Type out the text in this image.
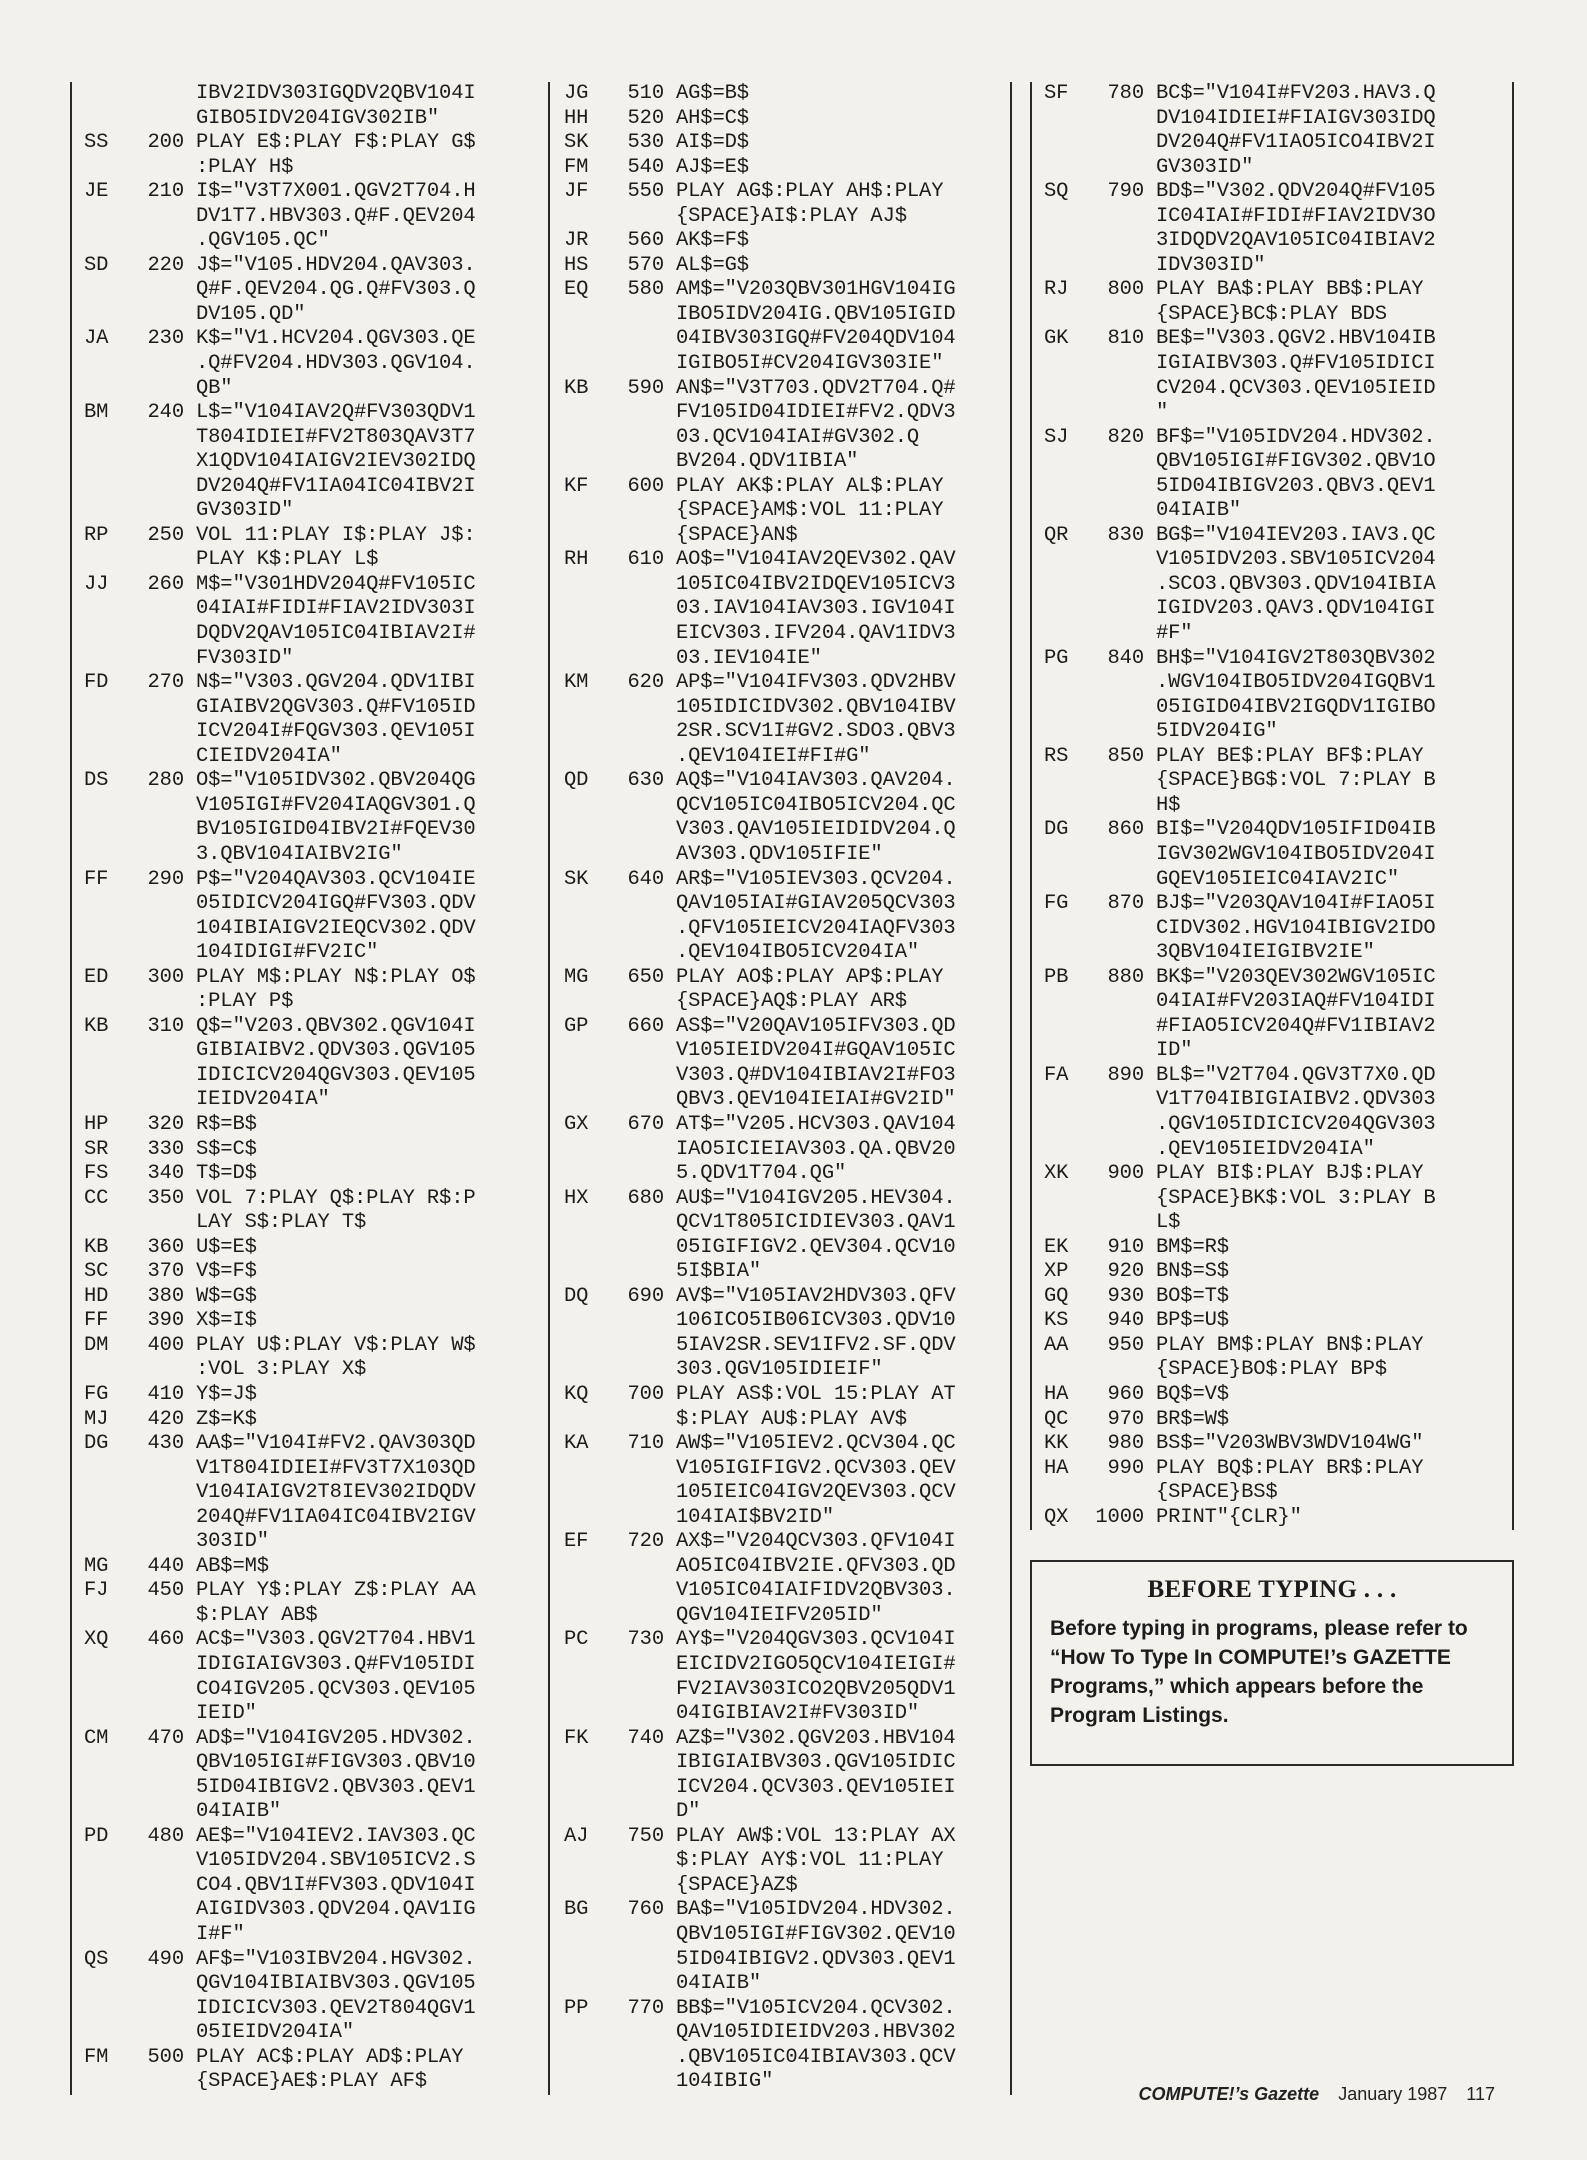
IBV2IDV303IGQDV2QBV104I
GIBO5IDV204IGV302IB"
SS	200 PLAY E$:PLAY F$:PLAY G$
:PLAY H$
JE	210 I$="V3T7X001.QGV2T704.H
DV1T7.HBV303.Q#F.QEV204
.QGV105.QC"
SD	220 J$="V105.HDV204.QAV303.
Q#F.QEV204.QG.Q#FV303.Q
DV105.QD"
JA	230 K$="V1.HCV204.QGV303.QE
.Q#FV204.HDV303.QGV104.
QB"
BM	240 L$="V104IAV2Q#FV303QDV1
T804IDIEI#FV2T803QAV3T7
X1QDV104IAIGV2IEV302IDQ
DV204Q#FV1IA04IC04IBV2I
GV303ID"
RP	250 VOL 11:PLAY I$:PLAY J$:
PLAY K$:PLAY L$
JJ	260 M$="V301HDV204Q#FV105IC
04IAI#FIDI#FIAV2IDV303I
DQDV2QAV105IC04IBIAV2I#
FV303ID"
FD	270 N$="V303.QGV204.QDV1IBI
GIAIBV2QGV303.Q#FV105ID
ICV204I#FQGV303.QEV105I
CIEIDV204IA"
DS	280 O$="V105IDV302.QBV204QG
V105IGI#FV204IAQGV301.Q
BV105IGID04IBV2I#FQEV30
3.QBV104IAIBV2IG"
FF	290 P$="V204QAV303.QCV104IE
05IDICV204IGQ#FV303.QDV
104IBIAIGV2IEQCV302.QDV
104IDIGI#FV2IC"
ED	300 PLAY M$:PLAY N$:PLAY O$
:PLAY P$
KB	310 Q$="V203.QBV302.QGV104I
GIBIAIBV2.QDV303.QGV105
IDICICV204QGV303.QEV105
IEIDV204IA"
HP	320 R$=B$
SR	330 S$=C$
FS	340 T$=D$
CC	350 VOL 7:PLAY Q$:PLAY R$:P
LAY S$:PLAY T$
KB	360 U$=E$
SC	370 V$=F$
HD	380 W$=G$
FF	390 X$=I$
DM	400 PLAY U$:PLAY V$:PLAY W$
:VOL 3:PLAY X$
FG	410 Y$=J$
MJ	420 Z$=K$
DG	430 AA$="V104I#FV2.QAV303QD
V1T804IDIEI#FV3T7X103QD
V104IAIGV2T8IEV302IDQDV
204Q#FV1IA04IC04IBV2IGV
303ID"
MG	440 AB$=M$
FJ	450 PLAY Y$:PLAY Z$:PLAY AA
$:PLAY AB$
XQ	460 AC$="V303.QGV2T704.HBV1
IDIGIAIGV303.Q#FV105IDI
CO4IGV205.QCV303.QEV105
IEID"
CM	470 AD$="V104IGV205.HDV302.
QBV105IGI#FIGV303.QBV10
5ID04IBIGV2.QBV303.QEV1
04IAIB"
PD	480 AE$="V104IEV2.IAV303.QC
V105IDV204.SBV105ICV2.S
CO4.QBV1I#FV303.QDV104I
AIGIDV303.QDV204.QAV1IG
I#F"
QS	490 AF$="V103IBV204.HGV302.
QGV104IBIAIBV303.QGV105
IDICICV303.QEV2T804QGV1
05IEIDV204IA"
FM	500 PLAY AC$:PLAY AD$:PLAY
{SPACE}AE$:PLAY AF$
JG	510 AG$=B$
HH	520 AH$=C$
SK	530 AI$=D$
FM	540 AJ$=E$
JF	550 PLAY AG$:PLAY AH$:PLAY
{SPACE}AI$:PLAY AJ$
JR	560 AK$=F$
HS	570 AL$=G$
EQ	580 AM$="V203QBV301HGV104IG
IBO5IDV204IG.QBV105IGID
04IBV303IGQ#FV204QDV104
IGIBO5I#CV204IGV303IE"
KB	590 AN$="V3T703.QDV2T704.Q#
FV105ID04IDIEI#FV2.QDV3
03.QCV104IAI#GV302.Q
BV204.QDV1IBIA"
KF	600 PLAY AK$:PLAY AL$:PLAY
{SPACE}AM$:VOL 11:PLAY
{SPACE}AN$
RH	610 AO$="V104IAV2QEV302.QAV
105IC04IBV2IDQEV105ICV3
03.IAV104IAV303.IGV104I
EICV303.IFV204.QAV1IDV3
03.IEV104IE"
KM	620 AP$="V104IFV303.QDV2HBV
105IDICIDV302.QBV104IBV
2SR.SCV1I#GV2.SDO3.QBV3
.QEV104IEI#FI#G"
QD	630 AQ$="V104IAV303.QAV204.
QCV105IC04IBO5ICV204.QC
V303.QAV105IEIDIDV204.Q
AV303.QDV105IFIE"
SK	640 AR$="V105IEV303.QCV204.
QAV105IAI#GIAV205QCV303
.QFV105IEICV204IAQFV303
.QEV104IBO5ICV204IA"
MG	650 PLAY AO$:PLAY AP$:PLAY
{SPACE}AQ$:PLAY AR$
GP	660 AS$="V20QAV105IFV303.QD
V105IEIDV204I#GQAV105IC
V303.Q#DV104IBIAV2I#FO3
QBV3.QEV104IEIAI#GV2ID"
GX	670 AT$="V205.HCV303.QAV104
IAO5ICIEIAV303.QA.QBV20
5.QDV1T704.QG"
HX	680 AU$="V104IGV205.HEV304.
QCV1T805ICIDIEV303.QAV1
05IGIFIGV2.QEV304.QCV10
5I$BIA"
DQ	690 AV$="V105IAV2HDV303.QFV
106ICO5IB06ICV303.QDV10
5IAV2SR.SEV1IFV2.SF.QDV
303.QGV105IDIEIF"
KQ	700 PLAY AS$:VOL 15:PLAY AT
$:PLAY AU$:PLAY AV$
KA	710 AW$="V105IEV2.QCV304.QC
V105IGIFIGV2.QCV303.QEV
105IEIC04IGV2QEV303.QCV
104IAI$BV2ID"
EF	720 AX$="V204QCV303.QFV104I
AO5IC04IBV2IE.QFV303.QD
V105IC04IAIFIDV2QBV303.
QGV104IEIFV205ID"
PC	730 AY$="V204QGV303.QCV104I
EICIDV2IGO5QCV104IEIGI#
FV2IAV303ICO2QBV205QDV1
04IGIBIAV2I#FV303ID"
FK	740 AZ$="V302.QGV203.HBV104
IBIGIAIBV303.QGV105IDIC
ICV204.QCV303.QEV105IEI
D"
AJ	750 PLAY AW$:VOL 13:PLAY AX
$:PLAY AY$:VOL 11:PLAY
{SPACE}AZ$
BG	760 BA$="V105IDV204.HDV302.
QBV105IGI#FIGV302.QEV10
5ID04IBIGV2.QDV303.QEV1
04IAIB"
PP	770 BB$="V105ICV204.QCV302.
QAV105IDIEIDV203.HBV302
.QBV105IC04IBIAV303.QCV
104IBIG"
SF	780 BC$="V104I#FV203.HAV3.Q
DV104IDIEI#FIAIGV303IDQ
DV204Q#FV1IAO5ICO4IBV2I
GV303ID"
SQ	790 BD$="V302.QDV204Q#FV105
IC04IAI#FIDI#FIAV2IDV3O
3IDQDV2QAV105IC04IBIAV2
IDV303ID"
RJ	800 PLAY BA$:PLAY BB$:PLAY
{SPACE}BC$:PLAY BDS
GK	810 BE$="V303.QGV2.HBV104IB
IGIAIBV303.Q#FV105IDICI
CV204.QCV303.QEV105IEID
"
SJ	820 BF$="V105IDV204.HDV302.
QBV105IGI#FIGV302.QBV1O
5ID04IBIGV203.QBV3.QEV1
04IAIB"
QR	830 BG$="V104IEV203.IAV3.QC
V105IDV203.SBV105ICV204
.SCO3.QBV303.QDV104IBIA
IGIDV203.QAV3.QDV104IGI
#F"
PG	840 BH$="V104IGV2T803QBV302
.WGV104IBO5IDV204IGQBV1
05IGID04IBV2IGQDV1IGIBO
5IDV204IG"
RS	850 PLAY BE$:PLAY BF$:PLAY
{SPACE}BG$:VOL 7:PLAY B
H$
DG	860 BI$="V204QDV105IFID04IB
IGV302WGV104IBO5IDV204I
GQEV105IEIC04IAV2IC"
FG	870 BJ$="V203QAV104I#FIAO5I
CIDV302.HGV104IBIGV2IDO
3QBV104IEIGIBV2IE"
PB	880 BK$="V203QEV302WGV105IC
04IAI#FV203IAQ#FV104IDI
#FIAO5ICV204Q#FV1IBIAV2
ID"
FA	890 BL$="V2T704.QGV3T7X0.QD
V1T704IBIGIAIBV2.QDV303
.QGV105IDICICV204QGV303
.QEV105IEIDV204IA"
XK	900 PLAY BI$:PLAY BJ$:PLAY
{SPACE}BK$:VOL 3:PLAY B
L$
EK	910 BM$=R$
XP	920 BN$=S$
GQ	930 BO$=T$
KS	940 BP$=U$
AA	950 PLAY BM$:PLAY BN$:PLAY
{SPACE}BO$:PLAY BP$
HA	960 BQ$=V$
QC	970 BR$=W$
KK	980 BS$="V203WBV3WDV104WG"
HA	990 PLAY BQ$:PLAY BR$:PLAY
{SPACE}BS$
QX	1000 PRINT"{CLR}"
BEFORE TYPING . . .
Before typing in programs, please refer to “How To Type In COMPUTE!’s GAZETTE Programs,” which appears before the Program Listings.
COMPUTE!’s Gazette January 1987 117
